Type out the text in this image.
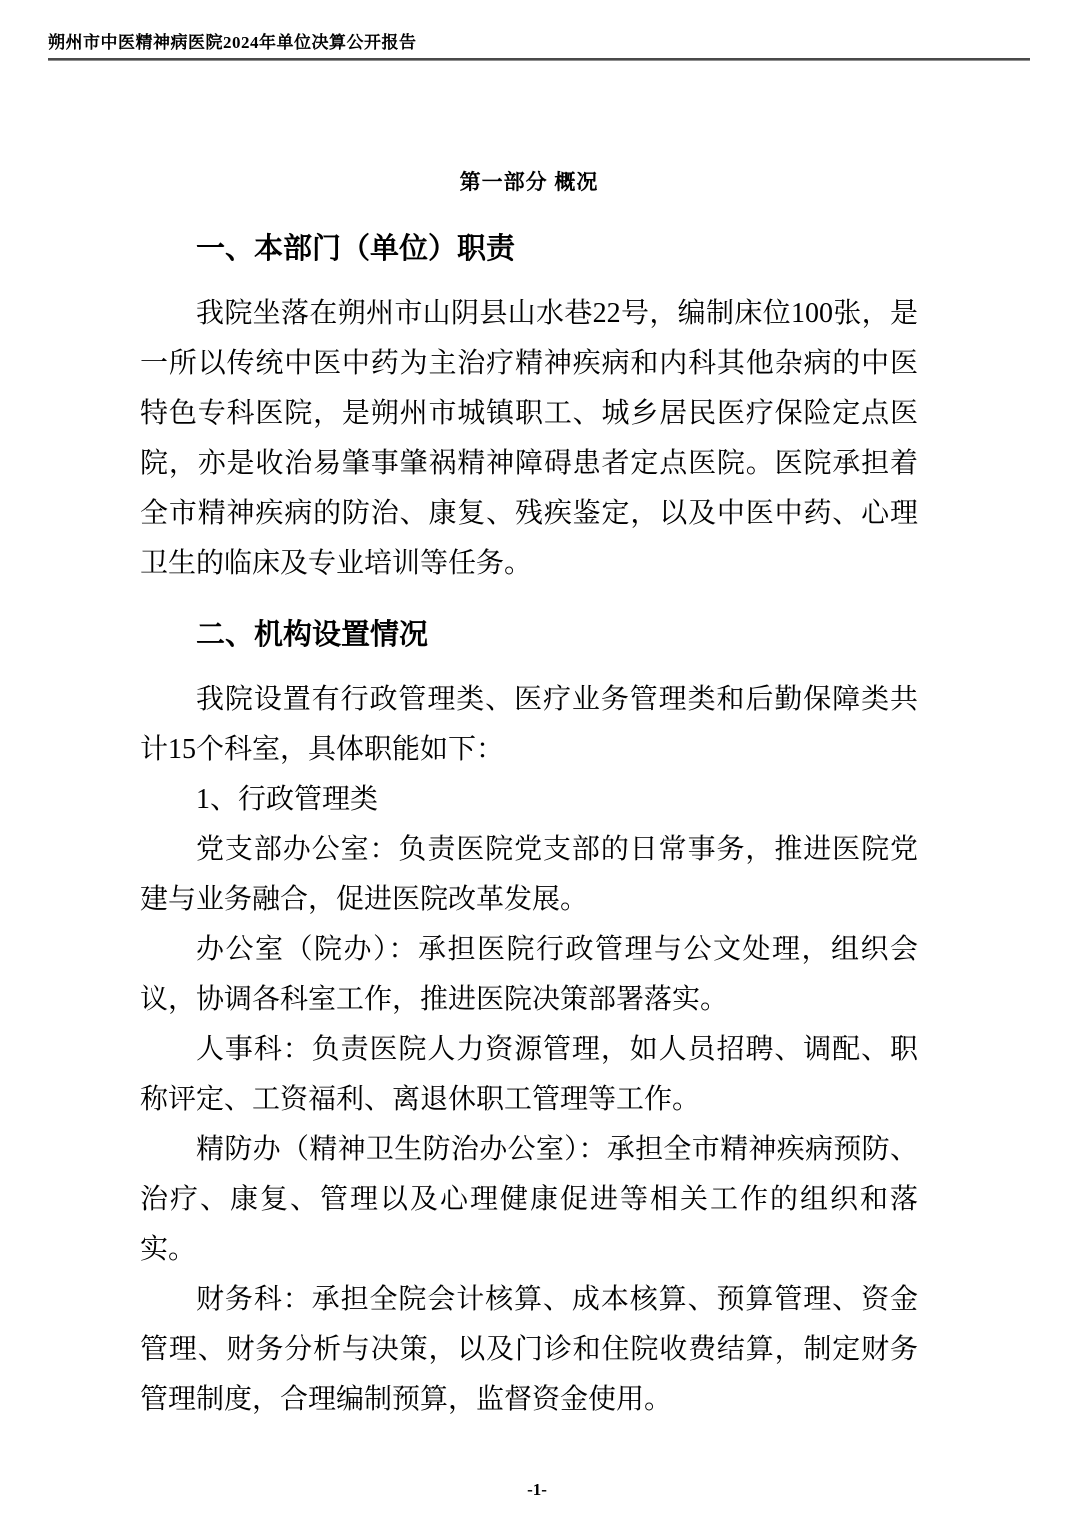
朔州市中医精神病医院2024年单位决算公开报告
第一部分 概况
一、本部门（单位）职责

我院坐落在朔州市山阴县山水巷22号，编制床位100张，是一所以传统中医中药为主治疗精神疾病和内科其他杂病的中医特色专科医院，是朔州市城镇职工、城乡居民医疗保险定点医院，亦是收治易肇事肇祸精神障碍患者定点医院。医院承担着全市精神疾病的防治、康复、残疾鉴定，以及中医中药、心理卫生的临床及专业培训等任务。

二、机构设置情况

我院设置有行政管理类、医疗业务管理类和后勤保障类共计15个科室，具体职能如下：

1、行政管理类

党支部办公室：负责医院党支部的日常事务，推进医院党建与业务融合，促进医院改革发展。

办公室（院办）：承担医院行政管理与公文处理，组织会议，协调各科室工作，推进医院决策部署落实。

人事科：负责医院人力资源管理，如人员招聘、调配、职称评定、工资福利、离退休职工管理等工作。

精防办（精神卫生防治办公室）：承担全市精神疾病预防、治疗、康复、管理以及心理健康促进等相关工作的组织和落实。

财务科：承担全院会计核算、成本核算、预算管理、资金管理、财务分析与决策，以及门诊和住院收费结算，制定财务管理制度，合理编制预算，监督资金使用。

-1-
